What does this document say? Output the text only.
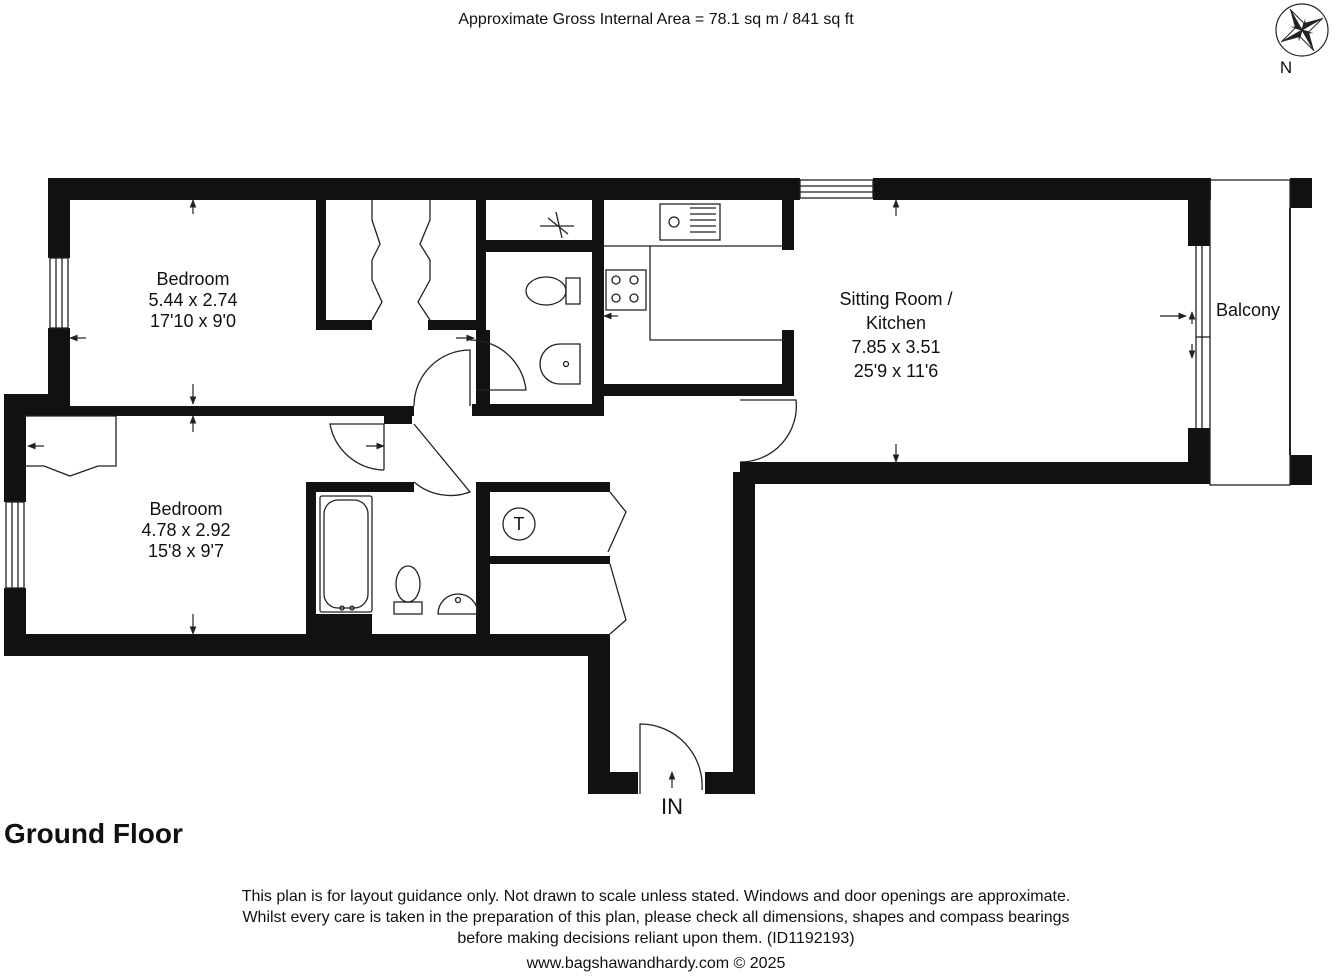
Approximate Gross Internal Area = 78.1 sq m / 841 sq ft
N
Bedroom
5.44 x 2.74
17'10 x 9'0
Bedroom
4.78 x 2.92
15'8 x 9'7
Sitting Room /
Kitchen
7.85 x 3.51
25'9 x 11'6
Balcony
T
IN
Ground Floor
This plan is for layout guidance only. Not drawn to scale unless stated. Windows and door openings are approximate.
Whilst every care is taken in the preparation of this plan, please check all dimensions, shapes and compass bearings
before making decisions reliant upon them. (ID1192193)
www.bagshawandhardy.com © 2025
